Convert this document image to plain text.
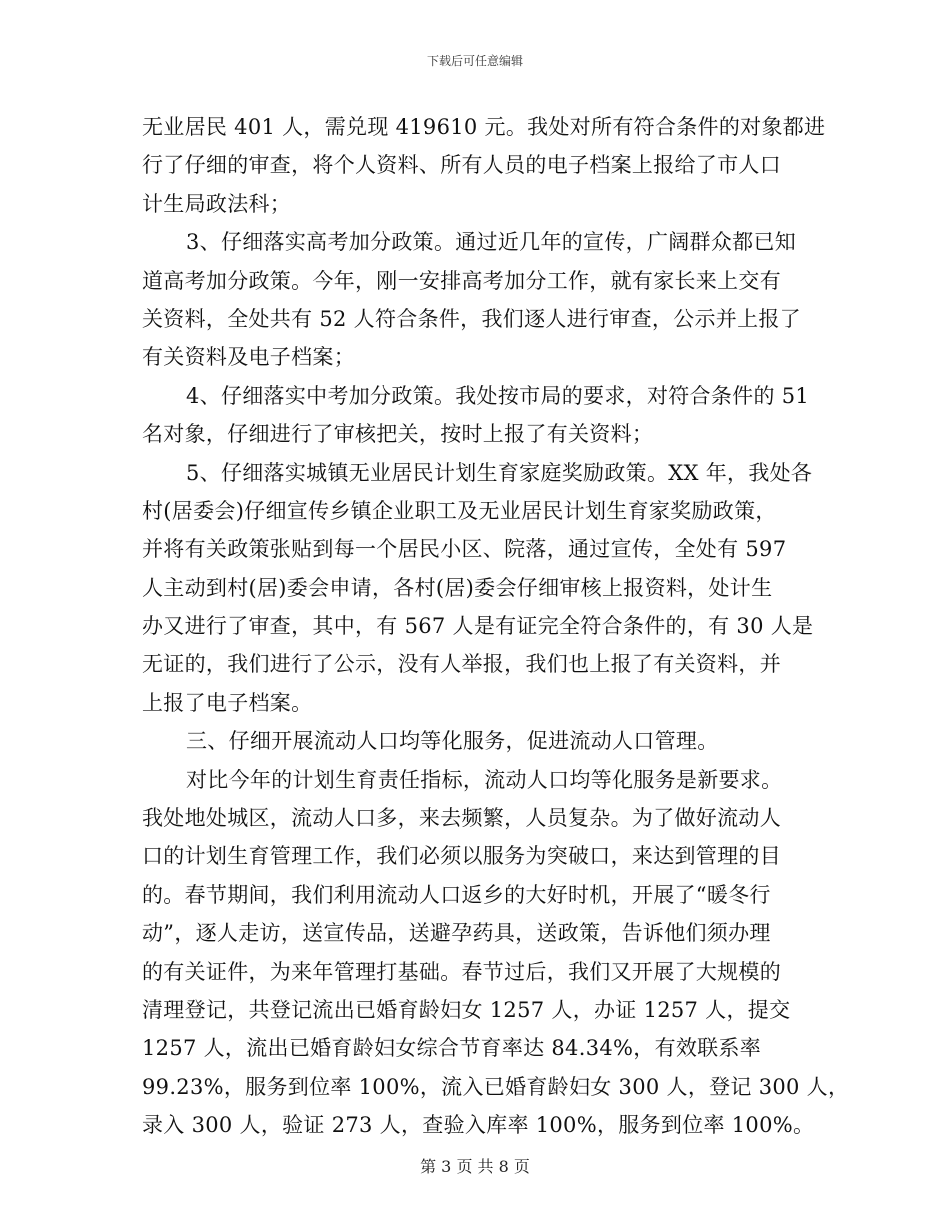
下载后可任意编辑
无业居民 401 人，需兑现 419610 元。我处对所有符合条件的对象都进
行了仔细的审查，将个人资料、所有人员的电子档案上报给了市人口
计生局政法科；
3、仔细落实高考加分政策。通过近几年的宣传，广阔群众都已知
道高考加分政策。今年，刚一安排高考加分工作，就有家长来上交有
关资料，全处共有 52 人符合条件，我们逐人进行审查，公示并上报了
有关资料及电子档案；
4、仔细落实中考加分政策。我处按市局的要求，对符合条件的 51
名对象，仔细进行了审核把关，按时上报了有关资料；
5、仔细落实城镇无业居民计划生育家庭奖励政策。XX 年，我处各
村(居委会)仔细宣传乡镇企业职工及无业居民计划生育家奖励政策，
并将有关政策张贴到每一个居民小区、院落，通过宣传，全处有 597
人主动到村(居)委会申请，各村(居)委会仔细审核上报资料，处计生
办又进行了审查，其中，有 567 人是有证完全符合条件的，有 30 人是
无证的，我们进行了公示，没有人举报，我们也上报了有关资料，并
上报了电子档案。
三、仔细开展流动人口均等化服务，促进流动人口管理。
对比今年的计划生育责任指标，流动人口均等化服务是新要求。
我处地处城区，流动人口多，来去频繁，人员复杂。为了做好流动人
口的计划生育管理工作，我们必须以服务为突破口，来达到管理的目
的。春节期间，我们利用流动人口返乡的大好时机，开展了“暖冬行
动”，逐人走访，送宣传品，送避孕药具，送政策，告诉他们须办理
的有关证件，为来年管理打基础。春节过后，我们又开展了大规模的
清理登记，共登记流出已婚育龄妇女 1257 人，办证 1257 人，提交
1257 人，流出已婚育龄妇女综合节育率达 84.34%，有效联系率
99.23%，服务到位率 100%，流入已婚育龄妇女 300 人，登记 300 人，
录入 300 人，验证 273 人，查验入库率 100%，服务到位率 100%。
第 3 页 共 8 页
